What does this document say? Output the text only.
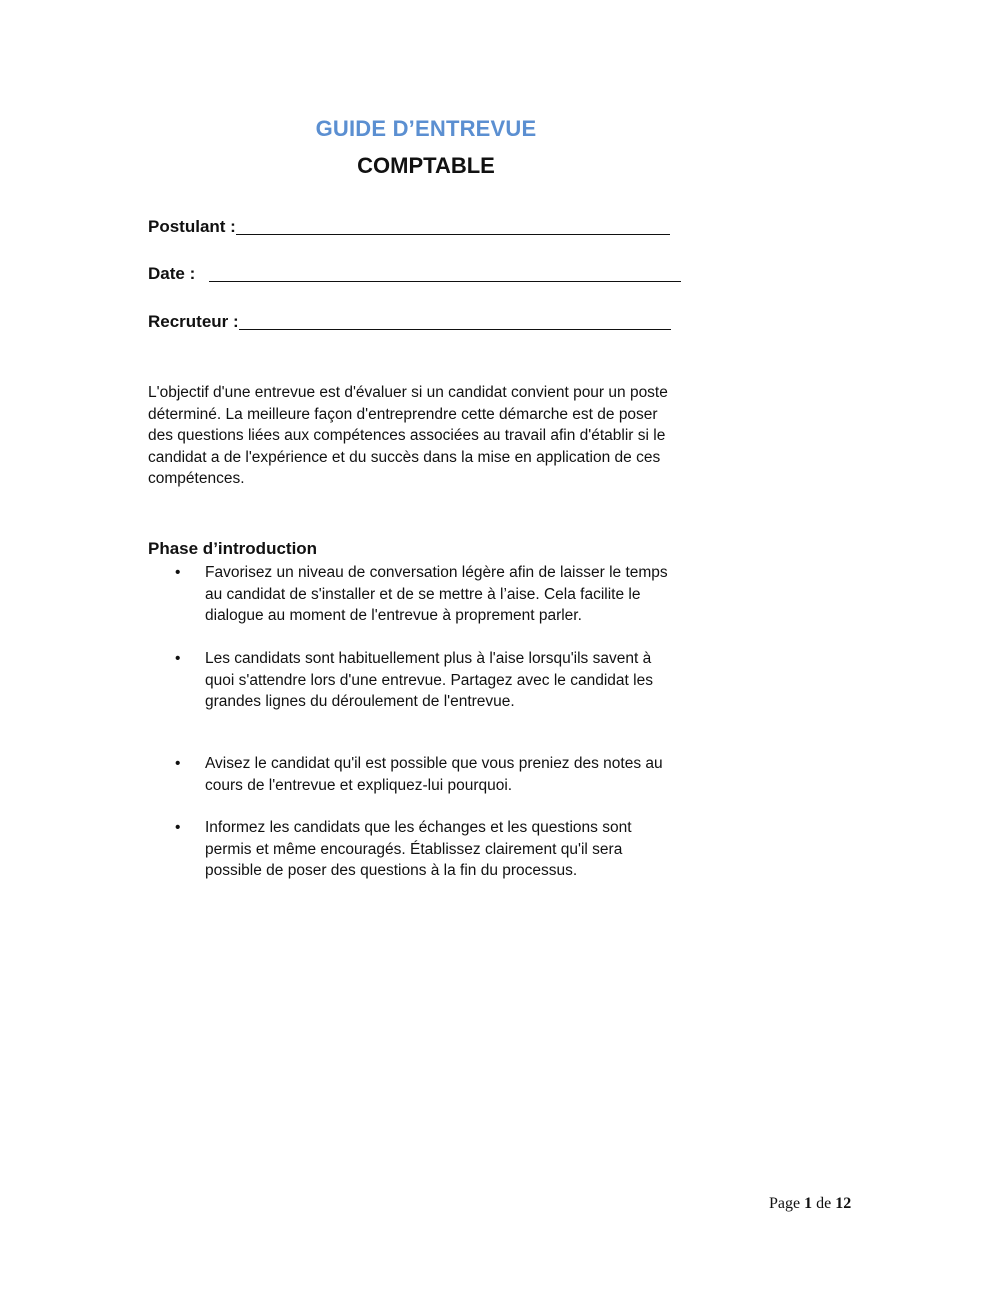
GUIDE D’ENTREVUE
COMPTABLE
Postulant :
Date :
Recruteur :
L'objectif d'une entrevue est d'évaluer si un candidat convient pour un poste
déterminé. La meilleure façon d'entreprendre cette démarche est de poser
des questions liées aux compétences associées au travail afin d'établir si le
candidat a de l'expérience et du succès dans la mise en application de ces
compétences.
Phase d’introduction
• Favorisez un niveau de conversation légère afin de laisser le temps
au candidat de s'installer et de se mettre à l’aise. Cela facilite le
dialogue au moment de l'entrevue à proprement parler.
• Les candidats sont habituellement plus à l'aise lorsqu'ils savent à
quoi s'attendre lors d'une entrevue. Partagez avec le candidat les
grandes lignes du déroulement de l'entrevue.
• Avisez le candidat qu'il est possible que vous preniez des notes au
cours de l'entrevue et expliquez-lui pourquoi.
• Informez les candidats que les échanges et les questions sont
permis et même encouragés. Établissez clairement qu'il sera
possible de poser des questions à la fin du processus.
Page 1 de 12
